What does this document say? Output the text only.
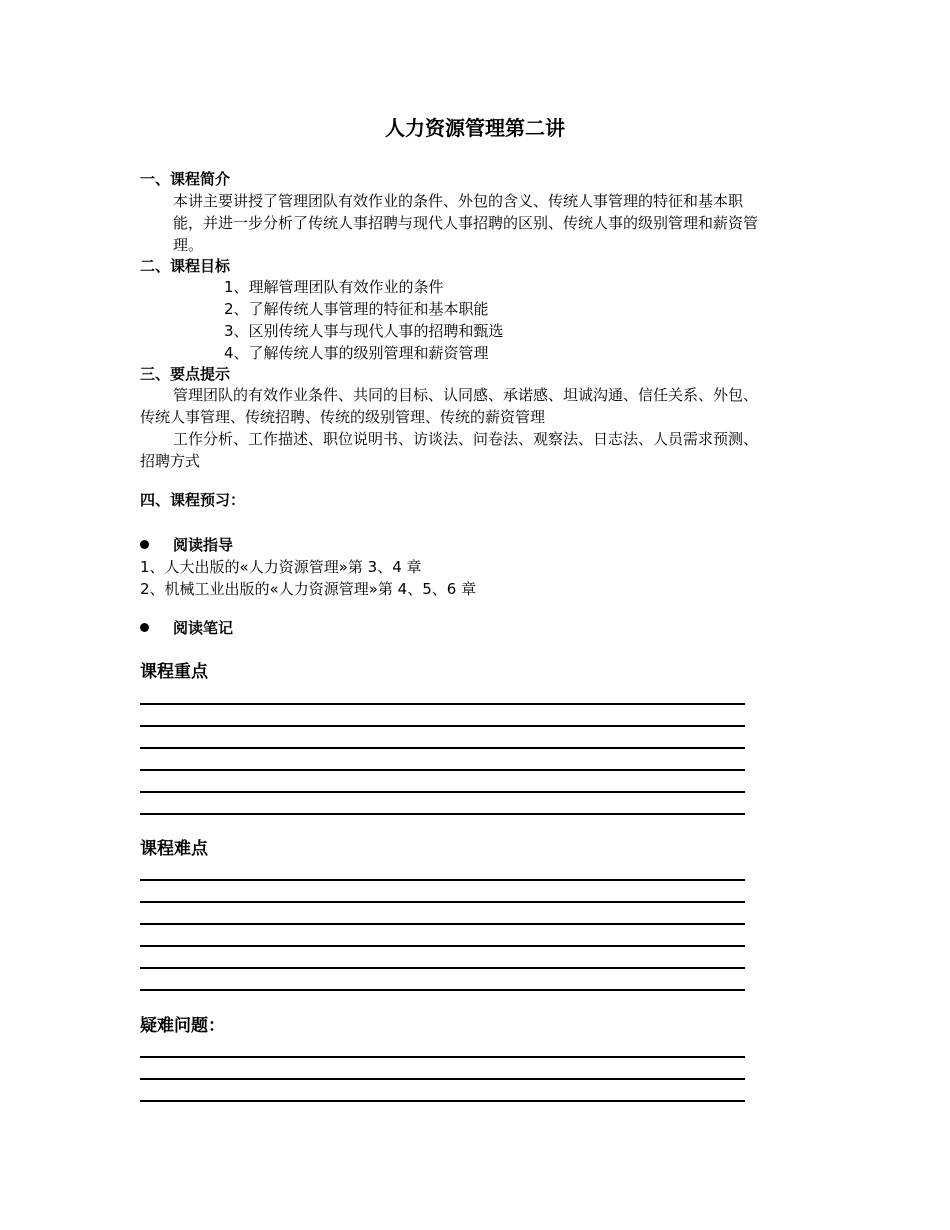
人力资源管理第二讲
一、课程简介
本讲主要讲授了管理团队有效作业的条件、外包的含义、传统人事管理的特征和基本职
能，并进一步分析了传统人事招聘与现代人事招聘的区别、传统人事的级别管理和薪资管
理。
二、课程目标
1、理解管理团队有效作业的条件
2、了解传统人事管理的特征和基本职能
3、区别传统人事与现代人事的招聘和甄选
4、了解传统人事的级别管理和薪资管理
三、要点提示
管理团队的有效作业条件、共同的目标、认同感、承诺感、坦诚沟通、信任关系、外包、
传统人事管理、传统招聘、传统的级别管理、传统的薪资管理
工作分析、工作描述、职位说明书、访谈法、问卷法、观察法、日志法、人员需求预测、
招聘方式
四、课程预习：
阅读指导
1、人大出版的«人力资源管理»第 3、4 章
2、机械工业出版的«人力资源管理»第 4、5、6 章
阅读笔记
课程重点
课程难点
疑难问题：
